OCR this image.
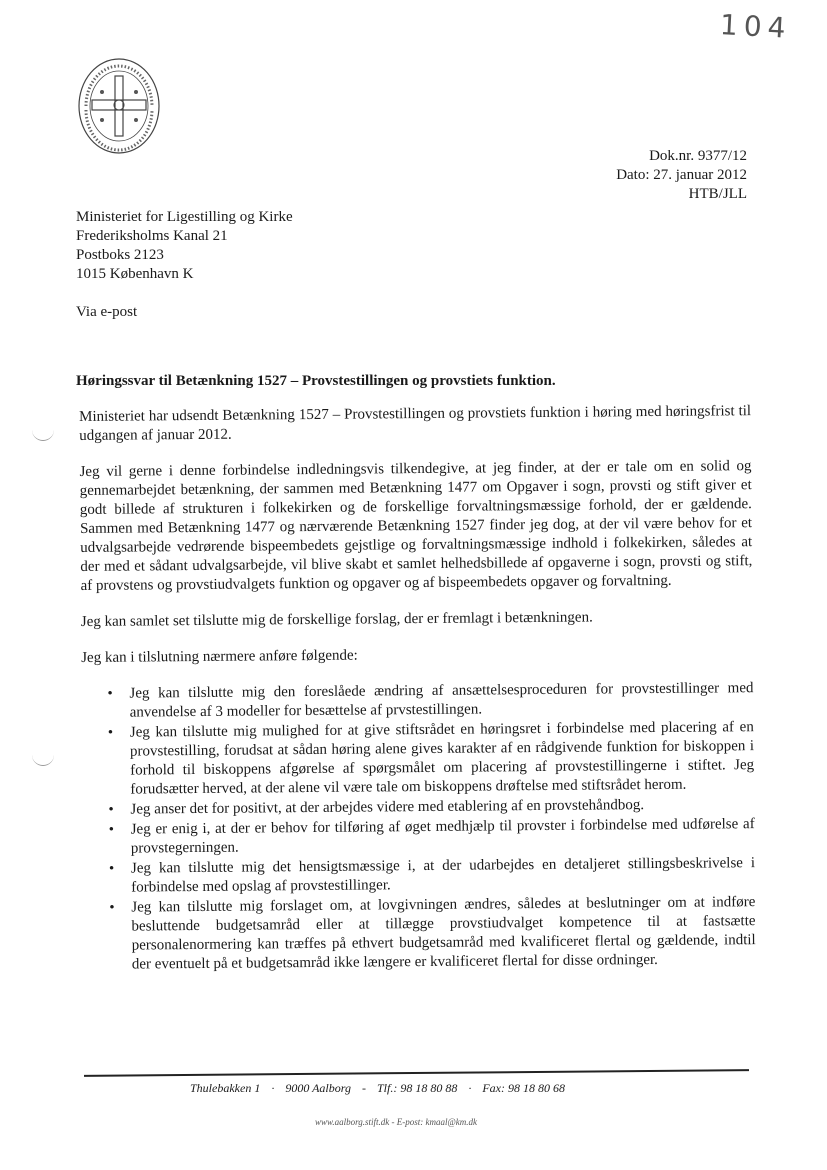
104
Dok.nr. 9377/12
Dato: 27. januar 2012
HTB/JLL
Ministeriet for Ligestilling og Kirke
Frederiksholms Kanal 21
Postboks 2123
1015 København K
Via e-post
Høringssvar til Betænkning 1527 – Provstestillingen og provstiets funktion.

Ministeriet har udsendt Betænkning 1527 – Provstestillingen og provstiets funktion i høring med høringsfrist til udgangen af januar 2012.

Jeg vil gerne i denne forbindelse indledningsvis tilkendegive, at jeg finder, at der er tale om en solid og gennemarbejdet betænkning, der sammen med Betænkning 1477 om Opgaver i sogn, provsti og stift giver et godt billede af strukturen i folkekirken og de forskellige forvaltningsmæssige forhold, der er gældende. Sammen med Betænkning 1477 og nærværende Betænkning 1527 finder jeg dog, at der vil være behov for et udvalgsarbejde vedrørende bispeembedets gejstlige og forvaltningsmæssige indhold i folkekirken, således at der med et sådant udvalgsarbejde, vil blive skabt et samlet helhedsbillede af opgaverne i sogn, provsti og stift, af provstens og provstiudvalgets funktion og opgaver og af bispeembedets opgaver og forvaltning.

Jeg kan samlet set tilslutte mig de forskellige forslag, der er fremlagt i betænkningen.

Jeg kan i tilslutning nærmere anføre følgende:

• Jeg kan tilslutte mig den foreslåede ændring af ansættelsesproceduren for provstestillinger med anvendelse af 3 modeller for besættelse af prvstestillingen.
• Jeg kan tilslutte mig mulighed for at give stiftsrådet en høringsret i forbindelse med placering af en provstestilling, forudsat at sådan høring alene gives karakter af en rådgivende funktion for biskoppen i forhold til biskoppens afgørelse af spørgsmålet om placering af provstestillingerne i stiftet. Jeg forudsætter herved, at der alene vil være tale om biskoppens drøftelse med stiftsrådet herom.
• Jeg anser det for positivt, at der arbejdes videre med etablering af en provstehåndbog.
• Jeg er enig i, at der er behov for tilføring af øget medhjælp til provster i forbindelse med udførelse af provstegerningen.
• Jeg kan tilslutte mig det hensigtsmæssige i, at der udarbejdes en detaljeret stillingsbeskrivelse i forbindelse med opslag af provstestillinger.
• Jeg kan tilslutte mig forslaget om, at lovgivningen ændres, således at beslutninger om at indføre besluttende budgetsamråd eller at tillægge provstiudvalget kompetence til at fastsætte personalenormering kan træffes på ethvert budgetsamråd med kvalificeret flertal og gældende, indtil der eventuelt på et budgetsamråd ikke længere er kvalificeret flertal for disse ordninger.
Thulebakken 1 · 9000 Aalborg - Tlf.: 98 18 80 88 · Fax: 98 18 80 68
www.aalborg.stift.dk - E-post: kmaal@km.dk
